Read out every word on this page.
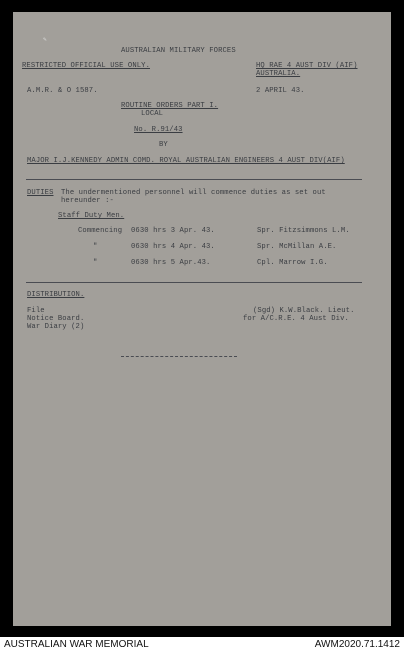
✎
AUSTRALIAN MILITARY FORCES
RESTRICTED OFFICIAL USE ONLY.	HQ RAE 4 AUST DIV (AIF)
AUSTRALIA.
A.M.R. & O 1587.	2 APRIL 43.
ROUTINE ORDERS PART I.
LOCAL
No. R.91/43
BY
MAJOR I.J.KENNEDY ADMIN COMD. ROYAL AUSTRALIAN ENGINEERS 4 AUST DIV(AIF)
DUTIES The undermentioned personnel will commence duties as set out
hereunder :-
Staff Duty Men.
Commencing 0630 hrs 3 Apr. 43.	Spr. Fitzsimmons L.M.
"	0630 hrs 4 Apr. 43.	Spr. McMillan A.E.
"	0630 hrs 5 Apr.43.	Cpl. Marrow I.G.
DISTRIBUTION.
File
Notice Board.
War Diary (2)
(Sgd) K.W.Black. Lieut.
for A/C.R.E. 4 Aust Div.
AUSTRALIAN WAR MEMORIAL	AWM2020.71.1412
